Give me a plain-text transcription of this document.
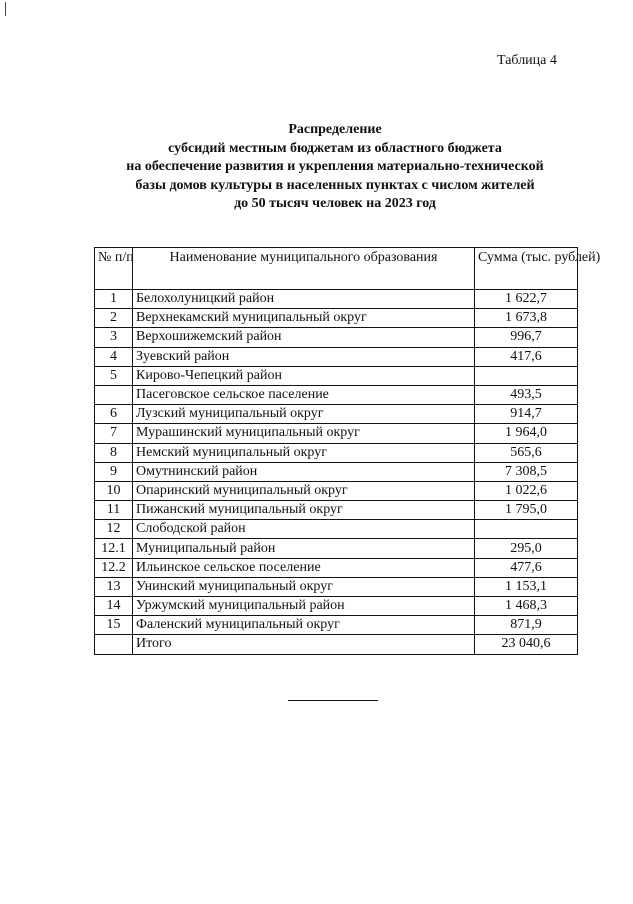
Таблица 4
Распределение
субсидий местным бюджетам из областного бюджета
на обеспечение развития и укрепления материально-технической
базы домов культуры в населенных пунктах с числом жителей
до 50 тысяч человек на 2023 год
№ п/п	Наименование муниципального образования	Сумма (тыс. рублей)
1	Белохолуницкий район	1 622,7
2	Верхнекамский муниципальный округ	1 673,8
3	Верхошижемский район	996,7
4	Зуевский район	417,6
5	Кирово-Чепецкий район	
	Пасеговское сельское паселение	493,5
6	Лузский муниципальный округ	914,7
7	Мурашинский муниципальный округ	1 964,0
8	Немский муниципальный округ	565,6
9	Омутнинский район	7 308,5
10	Опаринский муниципальный округ	1 022,6
11	Пижанский муниципальный округ	1 795,0
12	Слободской район	
12.1	Муниципальный район	295,0
12.2	Ильинское сельское поселение	477,6
13	Унинский муниципальный округ	1 153,1
14	Уржумский муниципальный район	1 468,3
15	Фаленский муниципальный округ	871,9
	Итого	23 040,6
